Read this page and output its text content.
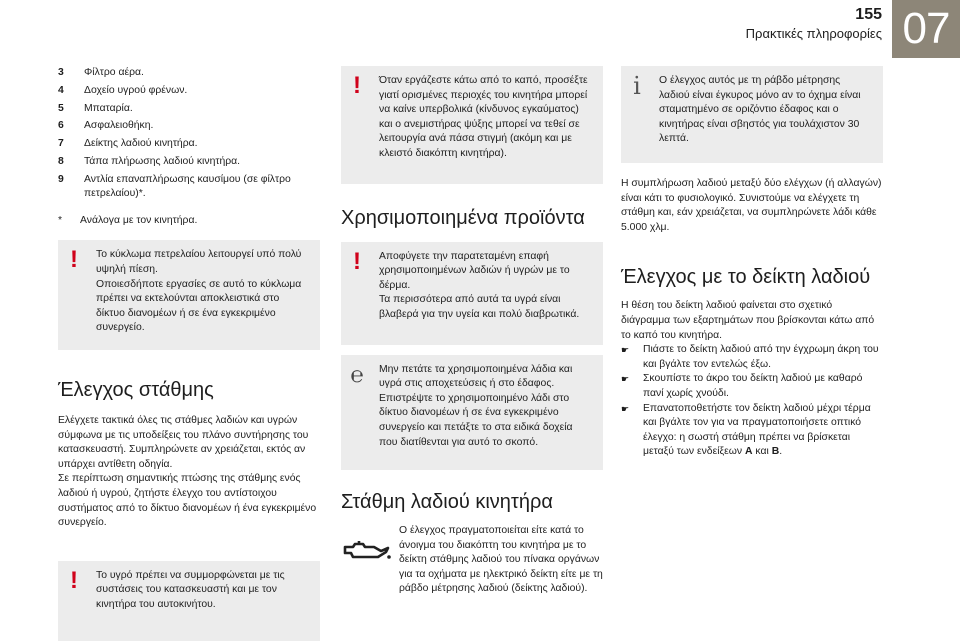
07
155
Πρακτικές πληροφορίες
3	Φίλτρο αέρα.
4	Δοχείο υγρού φρένων.
5	Μπαταρία.
6	Ασφαλειοθήκη.
7	Δείκτης λαδιού κινητήρα.
8	Τάπα πλήρωσης λαδιού κινητήρα.
9	Αντλία επαναπλήρωσης καυσίμου (σε φίλτρο πετρελαίου)*.
*	Ανάλογα με τον κινητήρα.
!	Το κύκλωμα πετρελαίου λειτουργεί υπό πολύ υψηλή πίεση.
Οποιεσδήποτε εργασίες σε αυτό το κύκλωμα πρέπει να εκτελούνται αποκλειστικά στο δίκτυο διανομέων ή σε ένα εγκεκριμένο συνεργείο.
Έλεγχος στάθμης

Ελέγχετε τακτικά όλες τις στάθμες λαδιών και υγρών σύμφωνα με τις υποδείξεις του πλάνο συντήρησης του κατασκευαστή. Συμπληρώνετε αν χρειάζεται, εκτός αν υπάρχει αντίθετη οδηγία.
Σε περίπτωση σημαντικής πτώσης της στάθμης ενός λαδιού ή υγρού, ζητήστε έλεγχο του αντίστοιχου συστήματος από το δίκτυο διανομέων ή ένα εγκεκριμένο συνεργείο.

!	Το υγρό πρέπει να συμμορφώνεται με τις συστάσεις του κατασκευαστή και με τον κινητήρα του αυτοκινήτου.
!	Όταν εργάζεστε κάτω από το καπό, προσέξτε γιατί ορισμένες περιοχές του κινητήρα μπορεί να καίνε υπερβολικά (κίνδυνος εγκαύματος) και ο ανεμιστήρας ψύξης μπορεί να τεθεί σε λειτουργία ανά πάσα στιγμή (ακόμη και με κλειστό διακόπτη κινητήρα).
Χρησιμοποιημένα προϊόντα
!	Αποφύγετε την παρατεταμένη επαφή χρησιμοποιημένων λαδιών ή υγρών με το δέρμα.
Τα περισσότερα από αυτά τα υγρά είναι βλαβερά για την υγεία και πολύ διαβρωτικά.
℮	Μην πετάτε τα χρησιμοποιημένα λάδια και υγρά στις αποχετεύσεις ή στο έδαφος.
Επιστρέψτε το χρησιμοποιημένο λάδι στο δίκτυο διανομέων ή σε ένα εγκεκριμένο συνεργείο και πετάξτε το στα ειδικά δοχεία που διατίθενται για αυτό το σκοπό.
Στάθμη λαδιού κινητήρα

Ο έλεγχος πραγματοποιείται είτε κατά το άνοιγμα του διακόπτη του κινητήρα με το δείκτη στάθμης λαδιού του πίνακα οργάνων για τα οχήματα με ηλεκτρικό δείκτη είτε με τη ράβδο μέτρησης λαδιού (δείκτης λαδιού).

i	Ο έλεγχος αυτός με τη ράβδο μέτρησης λαδιού είναι έγκυρος μόνο αν το όχημα είναι σταματημένο σε οριζόντιο έδαφος και ο κινητήρας είναι σβηστός για τουλάχιστον 30 λεπτά.

Η συμπλήρωση λαδιού μεταξύ δύο ελέγχων (ή αλλαγών) είναι κάτι το φυσιολογικό. Συνιστούμε να ελέγχετε τη στάθμη και, εάν χρειάζεται, να συμπληρώνετε λάδι κάθε 5.000 χλμ.

Έλεγχος με το δείκτη λαδιού

Η θέση του δείκτη λαδιού φαίνεται στο σχετικό διάγραμμα των εξαρτημάτων που βρίσκονται κάτω από το καπό του κινητήρα.

☛	Πιάστε το δείκτη λαδιού από την έγχρωμη άκρη του και βγάλτε τον εντελώς έξω.
☛	Σκουπίστε το άκρο του δείκτη λαδιού με καθαρό πανί χωρίς χνούδι.
☛	Επανατοποθετήστε τον δείκτη λαδιού μέχρι τέρμα και βγάλτε τον για να πραγματοποιήσετε οπτικό έλεγχο: η σωστή στάθμη πρέπει να βρίσκεται μεταξύ των ενδείξεων A και B.
